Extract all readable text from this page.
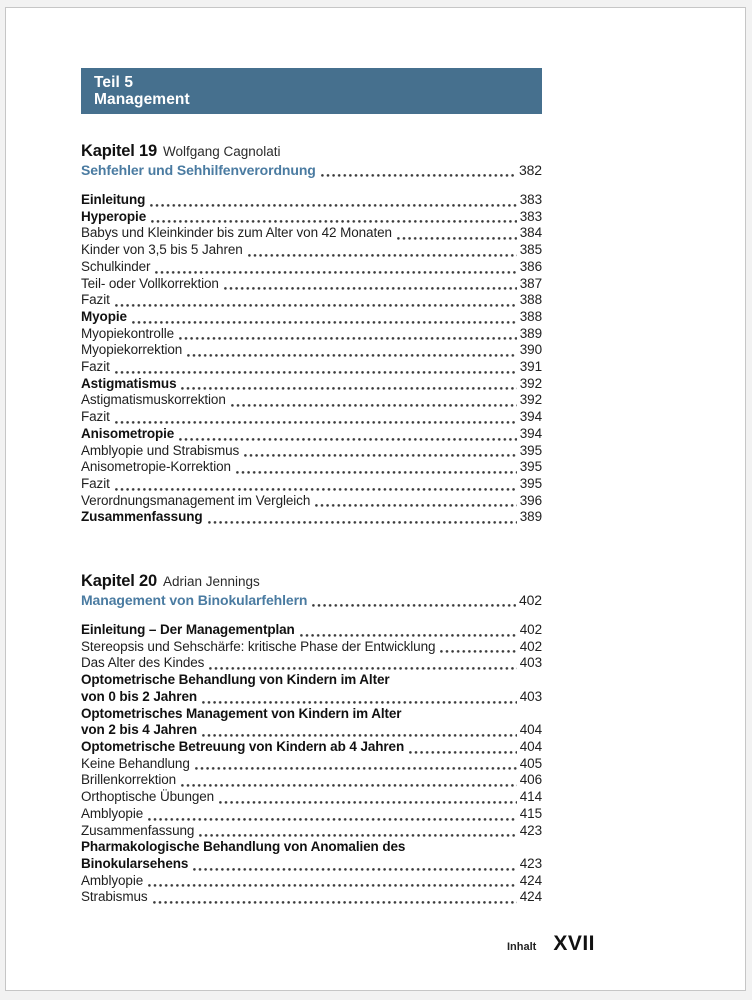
Teil 5
Management
Kapitel 19 Wolfgang Cagnolati
Sehfehler und Sehhilfenverordnung	382
Einleitung	383
Hyperopie	383
Babys und Kleinkinder bis zum Alter von 42 Monaten	384
Kinder von 3,5 bis 5 Jahren	385
Schulkinder	386
Teil- oder Vollkorrektion	387
Fazit	388
Myopie	388
Myopiekontrolle	389
Myopiekorrektion	390
Fazit	391
Astigmatismus	392
Astigmatismuskorrektion	392
Fazit	394
Anisometropie	394
Amblyopie und Strabismus	395
Anisometropie-Korrektion	395
Fazit	395
Verordnungsmanagement im Vergleich	396
Zusammenfassung	389
Kapitel 20 Adrian Jennings
Management von Binokularfehlern	402
Einleitung – Der Managementplan	402
Stereopsis und Sehschärfe: kritische Phase der Entwicklung	402
Das Alter des Kindes	403
Optometrische Behandlung von Kindern im Alter
von 0 bis 2 Jahren	403
Optometrisches Management von Kindern im Alter
von 2 bis 4 Jahren	404
Optometrische Betreuung von Kindern ab 4 Jahren	404
Keine Behandlung	405
Brillenkorrektion	406
Orthoptische Übungen	414
Amblyopie	415
Zusammenfassung	423
Pharmakologische Behandlung von Anomalien des
Binokularsehens	423
Amblyopie	424
Strabismus	424
Inhalt XVII
